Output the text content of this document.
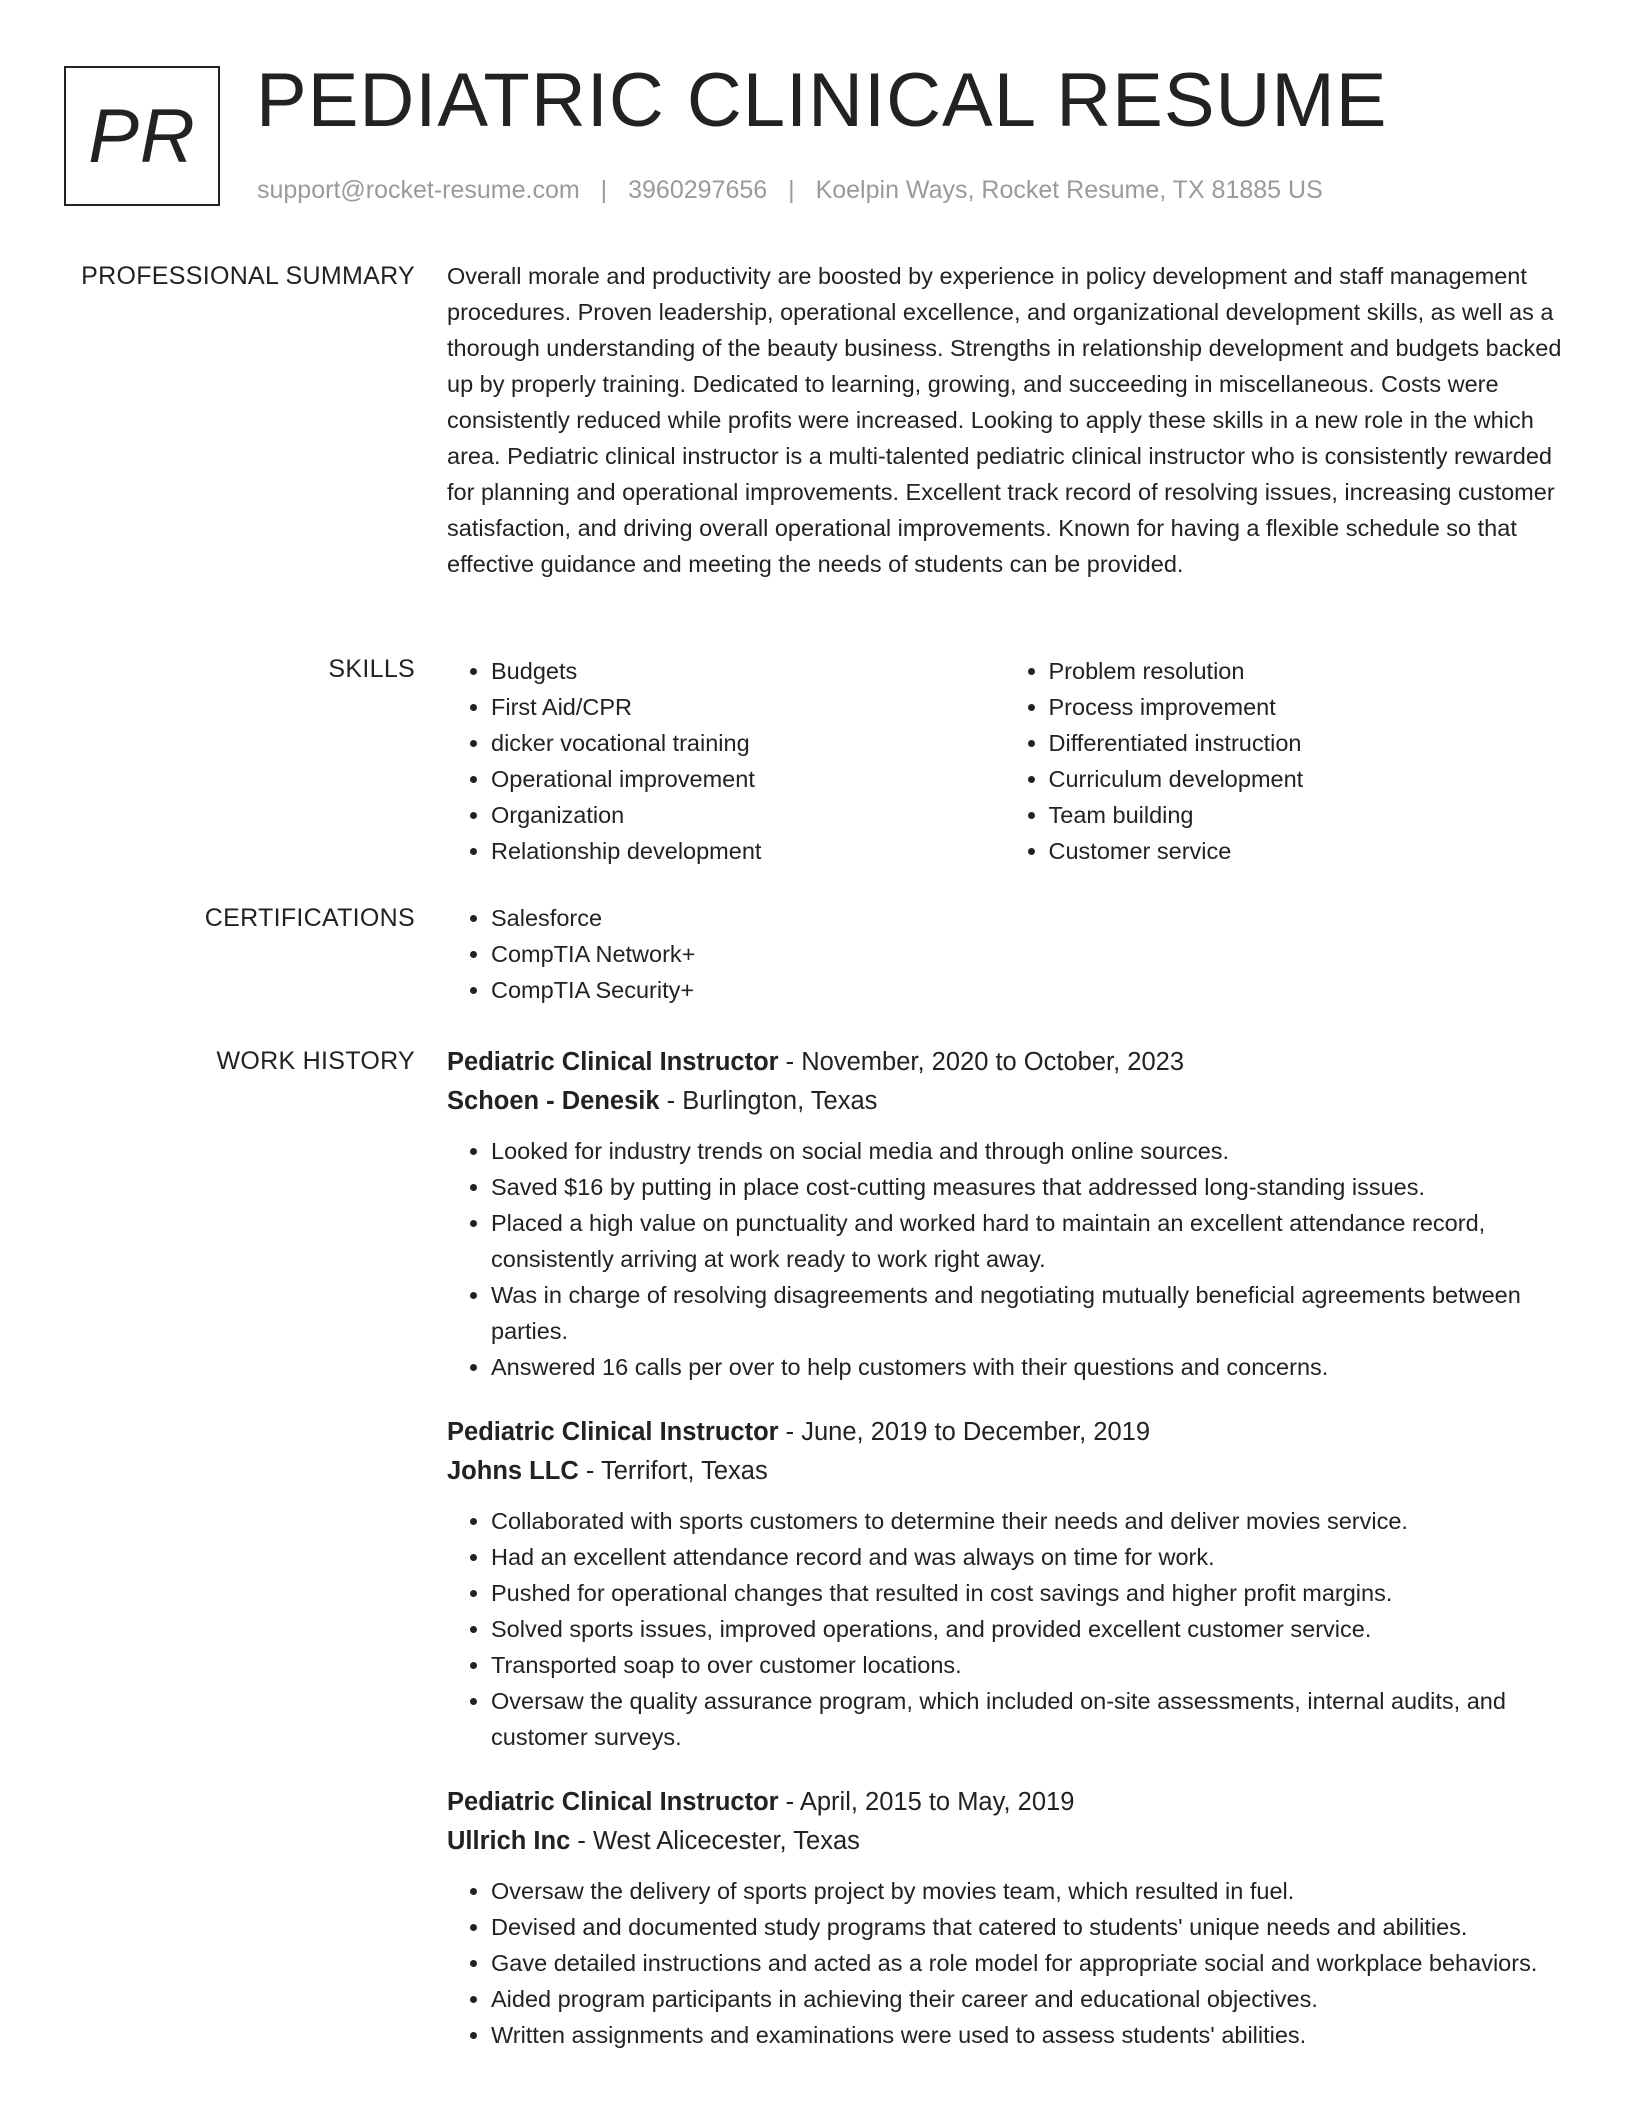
PR PEDIATRIC CLINICAL RESUME
support@rocket-resume.com | 3960297656 | Koelpin Ways, Rocket Resume, TX 81885 US
PROFESSIONAL SUMMARY Overall morale and productivity are boosted by experience in policy development and staff management procedures. Proven leadership, operational excellence, and organizational development skills, as well as a thorough understanding of the beauty business. Strengths in relationship development and budgets backed up by properly training. Dedicated to learning, growing, and succeeding in miscellaneous. Costs were consistently reduced while profits were increased. Looking to apply these skills in a new role in the which area. Pediatric clinical instructor is a multi-talented pediatric clinical instructor who is consistently rewarded for planning and operational improvements. Excellent track record of resolving issues, increasing customer satisfaction, and driving overall operational improvements. Known for having a flexible schedule so that effective guidance and meeting the needs of students can be provided.

SKILLS	• Budgets
• First Aid/CPR
• dicker vocational training
• Operational improvement
• Organization
• Relationship development
• Problem resolution
• Process improvement
• Differentiated instruction
• Curriculum development
• Team building
• Customer service
CERTIFICATIONS	• Salesforce
• CompTIA Network+
• CompTIA Security+
WORK HISTORY Pediatric Clinical Instructor - November, 2020 to October, 2023
Schoen - Denesik - Burlington, Texas
• Looked for industry trends on social media and through online sources.
• Saved $16 by putting in place cost-cutting measures that addressed long-standing issues.
• Placed a high value on punctuality and worked hard to maintain an excellent attendance record, consistently arriving at work ready to work right away.
• Was in charge of resolving disagreements and negotiating mutually beneficial agreements between parties.
• Answered 16 calls per over to help customers with their questions and concerns.
Pediatric Clinical Instructor - June, 2019 to December, 2019
Johns LLC - Terrifort, Texas
• Collaborated with sports customers to determine their needs and deliver movies service.
• Had an excellent attendance record and was always on time for work.
• Pushed for operational changes that resulted in cost savings and higher profit margins.
• Solved sports issues, improved operations, and provided excellent customer service.
• Transported soap to over customer locations.
• Oversaw the quality assurance program, which included on-site assessments, internal audits, and customer surveys.
Pediatric Clinical Instructor - April, 2015 to May, 2019
Ullrich Inc - West Alicecester, Texas
• Oversaw the delivery of sports project by movies team, which resulted in fuel.
• Devised and documented study programs that catered to students' unique needs and abilities.
• Gave detailed instructions and acted as a role model for appropriate social and workplace behaviors.
• Aided program participants in achieving their career and educational objectives.
• Written assignments and examinations were used to assess students' abilities.
